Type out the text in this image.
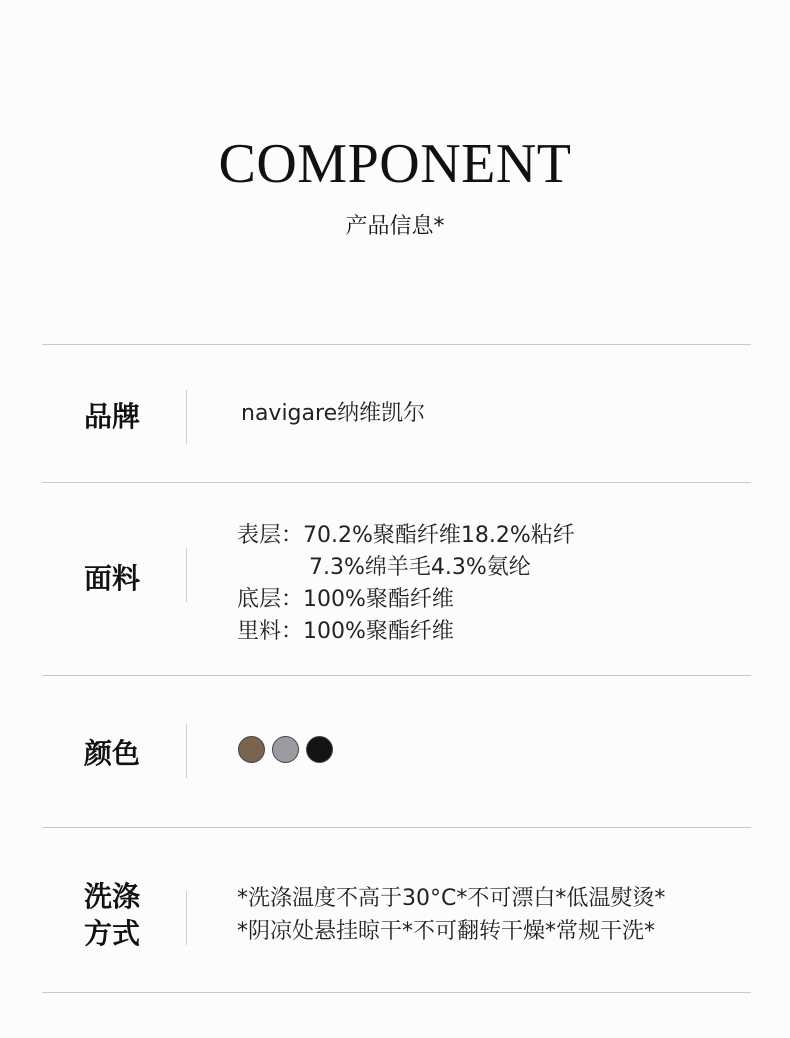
COMPONENT
产品信息*
品牌	navigare纳维凯尔
面料
表层：70.2%聚酯纤维18.2%粘纤
7.3%绵羊毛4.3%氨纶
底层：100%聚酯纤维
里料：100%聚酯纤维
颜色
洗涤
方式
*洗涤温度不高于30°C*不可漂白*低温熨烫*
*阴凉处悬挂晾干*不可翻转干燥*常规干洗*
